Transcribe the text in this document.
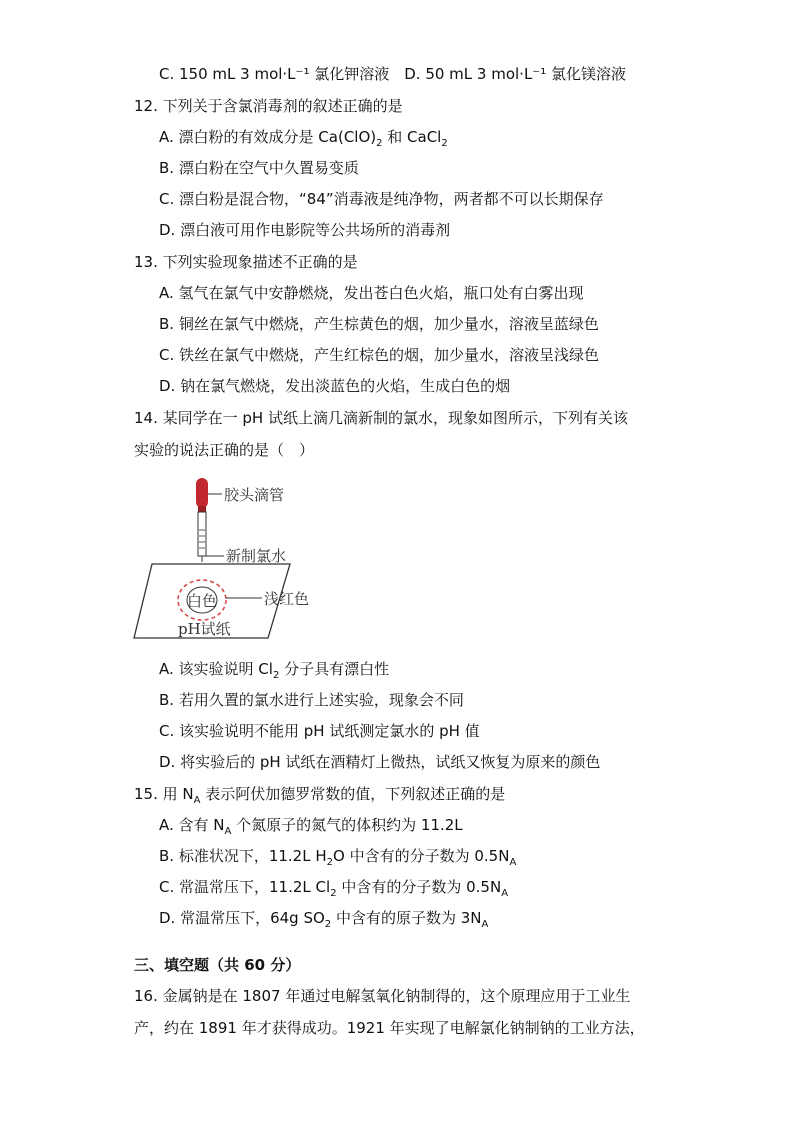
C. 150 mL 3 mol·L⁻¹ 氯化钾溶液　D. 50 mL 3 mol·L⁻¹ 氯化镁溶液
12. 下列关于含氯消毒剂的叙述正确的是
A. 漂白粉的有效成分是 $Ca(ClO)_2$ 和 CaCl$_2$
B. 漂白粉在空气中久置易变质
C. 漂白粉是混合物，“84”消毒液是纯净物，两者都不可以长期保存
D. 漂白液可用作电影院等公共场所的消毒剂
13. 下列实验现象描述不正确的是
A. 氢气在氯气中安静燃烧，发出苍白色火焰，瓶口处有白雾出现
B. 铜丝在氯气中燃烧，产生棕黄色的烟，加少量水，溶液呈蓝绿色
C. 铁丝在氯气中燃烧，产生红棕色的烟，加少量水，溶液呈浅绿色
D. 钠在氯气燃烧，发出淡蓝色的火焰，生成白色的烟
14. 某同学在一 pH 试纸上滴几滴新制的氯水，现象如图所示，下列有关该
实验的说法正确的是（　）
胶头滴管
新制氯水
白色	浅红色
pH试纸
A. 该实验说明 $Cl_2$ 分子具有漂白性
B. 若用久置的氯水进行上述实验，现象会不同
C. 该实验说明不能用 pH 试纸测定氯水的 pH 值
D. 将实验后的 pH 试纸在酒精灯上微热，试纸又恢复为原来的颜色
15. 用 $N_A$ 表示阿伏加德罗常数的值，下列叙述正确的是
A. 含有 $N_A$ 个氮原子的氮气的体积约为 11.2L
B. 标准状况下，11.2L $H_2O$ 中含有的分子数为 $0.5N_A$
C. 常温常压下，11.2L $Cl_2$ 中含有的分子数为 $0.5N_A$
D. 常温常压下，64g $SO_2$ 中含有的原子数为 $3N_A$
三、填空题（共 60 分）
16. 金属钠是在 1807 年通过电解氢氧化钠制得的，这个原理应用于工业生
产，约在 1891 年才获得成功。1921 年实现了电解氯化钠制钠的工业方法，
